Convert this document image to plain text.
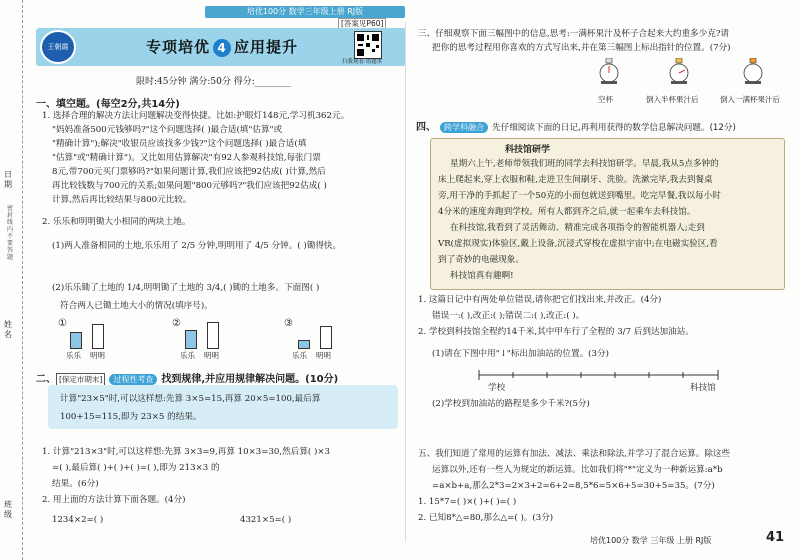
日期
密封线内不要答题
姓名
班级
培优100分 数学三年级上册 RJ版
[答案见P60]
王朝霞	专项培优 4 应用提升
扫我观看·错题本
限时:45分钟 满分:50分 得分:________
一、填空题。(每空2分,共14分)
1. 选择合理的解决方法让问题解决变得快捷。比如:护眼灯148元,学习机362元。
"妈妈准备500元钱够吗?"这个问题选择( )最合适(填"估算"或
"精确计算");解决"收银员应该找多少钱?"这个问题选择( )最合适(填
"估算"或"精确计算")。又比如用估算解决"有92人参观科技馆,每张门票
8元,带700元买门票够吗?"如果问题计算,我们应该把92估成( )计算,然后
再比较钱数与700元的关系;如果问题"800元够吗?"我们应该把92估成( )
计算,然后再比较结果与800元比较。
2. 乐乐和明明锄大小相同的两块土地。
(1)两人准备相同的土地,乐乐用了 2/5 分钟,明明用了 4/5 分钟。( )锄得快。
(2)乐乐锄了土地的 1/4,明明锄了土地的 3/4,( )锄的土地多。下面图( )
符合两人已锄土地大小的情况(填序号)。
①
乐乐 明明
②
乐乐 明明
③
乐乐 明明
二、 [保定市期末] 过程性考查 找到规律,并应用规律解决问题。(10分)
计算"23×5"时,可以这样想:先算 3×5=15,再算 20×5=100,最后算
100+15=115,即为 23×5 的结果。
1. 计算"213×3"时,可以这样想:先算 3×3=9,再算 10×3=30,然后算( )×3
=( ),最后算( )+( )+( )=( ),即为 213×3 的
结果。(6分)
2. 用上面的方法计算下面各题。(4分)
1234×2=( )	4321×5=( )
三、仔细观察下面三幅图中的信息,思考:一满杯果汁及杯子合起来大约重多少克?请
把你的思考过程用你喜欢的方式写出来,并在第三幅图上标出指针的位置。(7分)
空杯	倒入半杯果汁后	倒入一满杯果汁后
四、 跨学科融合 先仔细阅读下面的日记,再利用获得的数学信息解决问题。(12分)
科技馆研学
星期六上午,老师带领我们班的同学去科技馆研学。早晨,我从5点多钟的
床上爬起来,穿上衣服和鞋,走进卫生间刷牙、洗脸。洗漱完毕,我去到餐桌
旁,用干净的手抓起了一个50克的小面包就送到嘴里。吃完早餐,我以每小时
4分米的速度奔跑到学校。所有人都到齐之后,就一起乘车去科技馆。
在科技馆,我看到了灵活舞动、精准完成各项指令的智能机器人;走到
VR(虚拟现实)体验区,戴上设备,沉浸式穿梭在虚拟宇宙中;在电磁实验区,看
到了奇妙的电磁现象。
科技馆真有趣啊!
1. 这篇日记中有两处单位错误,请你把它们找出来,并改正。(4分)
错误一:( ),改正:( );错误二:( ),改正:( )。
2. 学校到科技馆全程约14千米,其中甲车行了全程的 3/7 后到达加油站。
(1)请在下图中用"↓"标出加油站的位置。(3分)
学校	科技馆
(2)学校到加油站的路程是多少千米?(5分)
五、我们知道了常用的运算有加法、减法、乘法和除法,并学习了混合运算。除这些
运算以外,还有一些人为规定的新运算。比如我们将"*"定义为一种新运算:a*b
=a×b+a,那么2*3=2×3+2=6+2=8,5*6=5×6+5=30+5=35。(7分)
1. 15*7=( )×( )+( )=( )
2. 已知8*△=80,那么△=( )。(3分)
培优100分 数学 三年级 上册 RJ版	41
